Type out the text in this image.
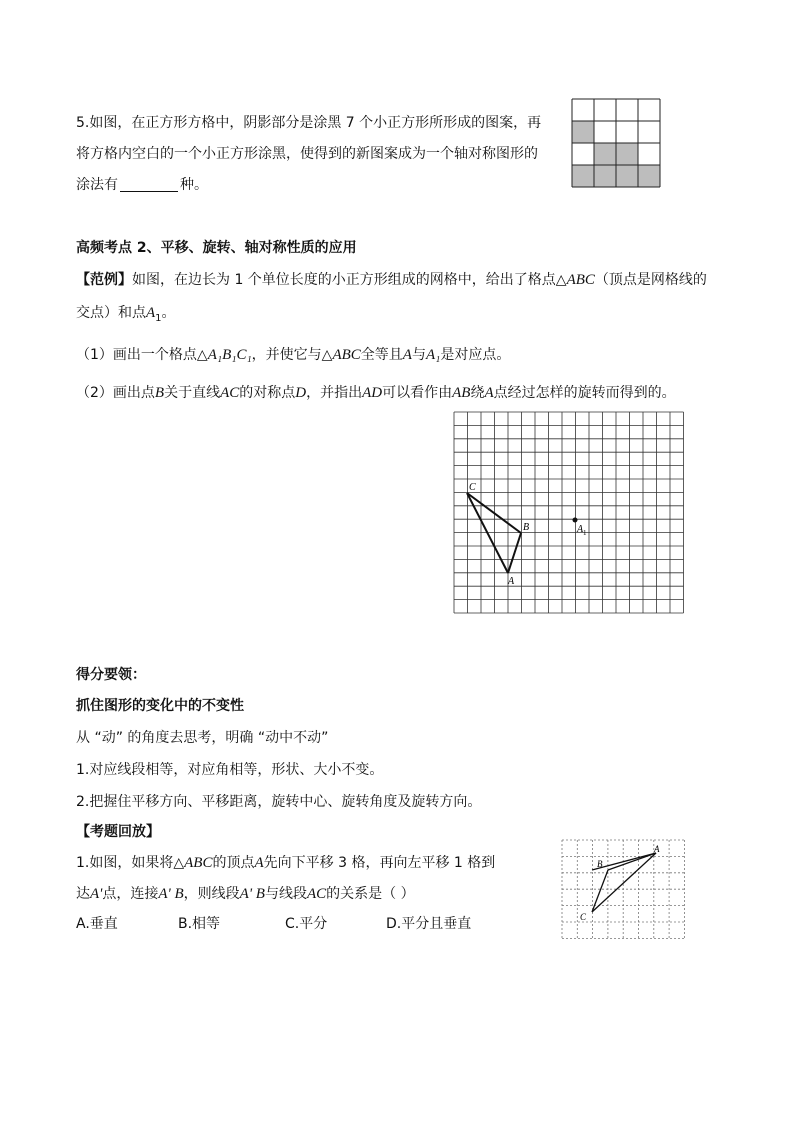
5.如图，在正方形方格中，阴影部分是涂黑 7 个小正方形所形成的图案，再
将方格内空白的一个小正方形涂黑，使得到的新图案成为一个轴对称图形的
涂法有	种。
高频考点 2、平移、旋转、轴对称性质的应用
【范例】如图，在边长为 1 个单位长度的小正方形组成的网格中，给出了格点△ABC（顶点是网格线的
交点）和点$A_1$。
（1）画出一个格点△A₁B₁C₁，并使它与△ABC全等且A与A₁是对应点。
（2）画出点B关于直线AC的对称点D，并指出AD可以看作由AB绕A点经过怎样的旋转而得到的。
C
B
A
A 1
得分要领：
抓住图形的变化中的不变性
从 “动” 的角度去思考，明确 “动中不动”
1.对应线段相等，对应角相等，形状、大小不变。
2.把握住平移方向、平移距离，旋转中心、旋转角度及旋转方向。
【考题回放】
1.如图，如果将△ABC的顶点A先向下平移 3 格，再向左平移 1 格到
达A'点，连接A' B，则线段A' B与线段AC的关系是（ ）
A.垂直	B.相等	C.平分	D.平分且垂直
B
A
C
